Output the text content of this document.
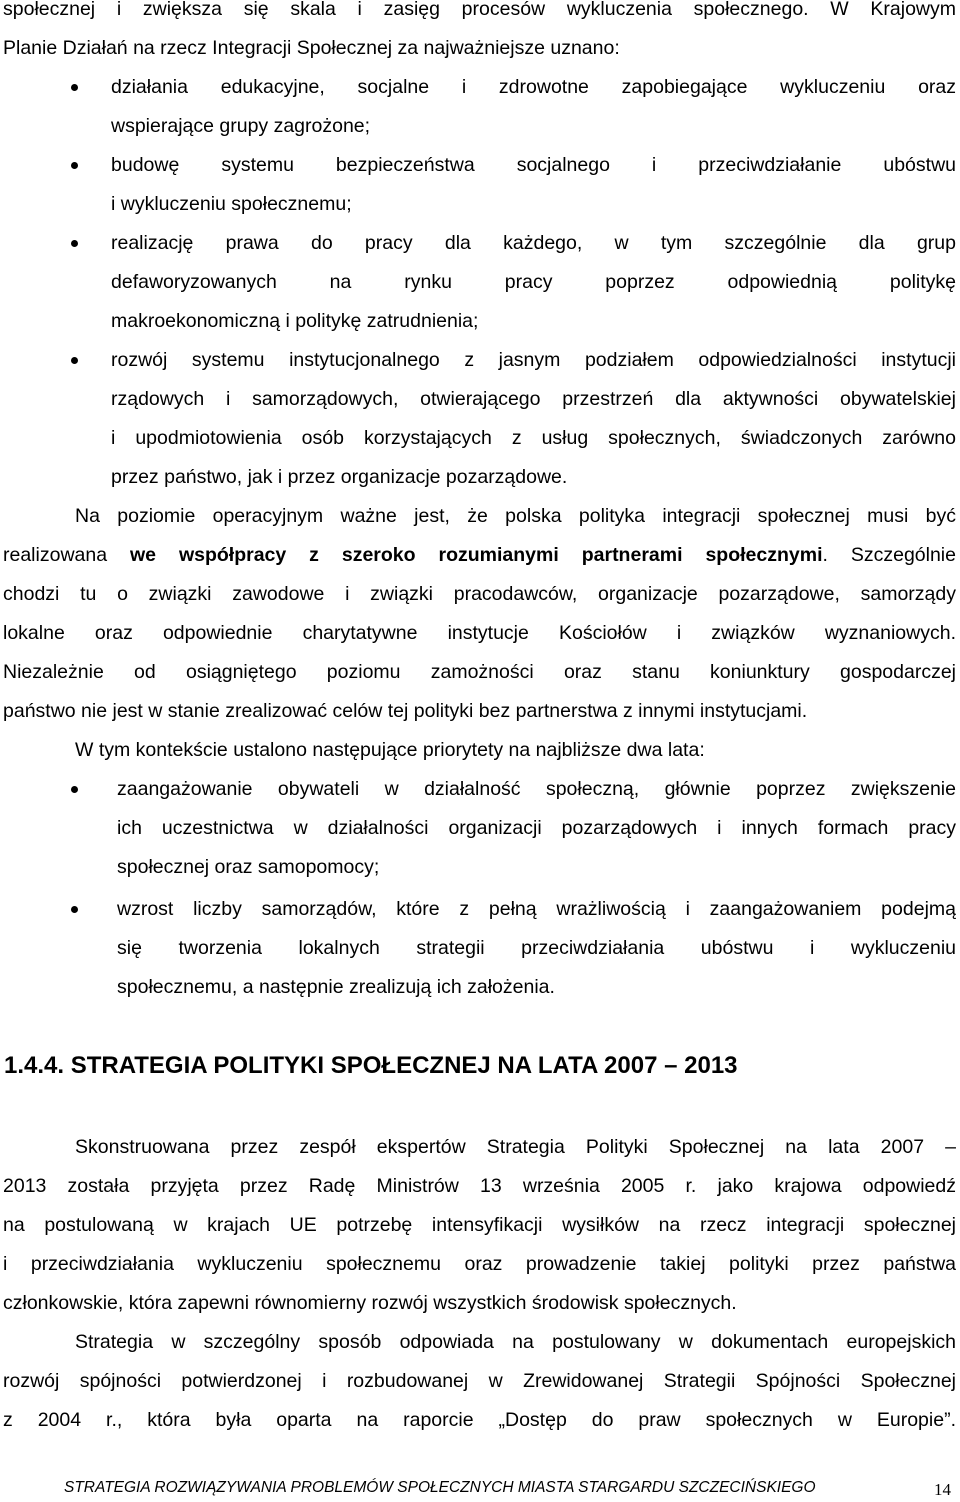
społecznej i zwiększa się skala i zasięg procesów wykluczenia społecznego. W Krajowym
Planie Działań na rzecz Integracji Społecznej za najważniejsze uznano:
działania edukacyjne, socjalne i zdrowotne zapobiegające wykluczeniu oraz
wspierające grupy zagrożone;
budowę systemu bezpieczeństwa socjalnego i przeciwdziałanie ubóstwu
i wykluczeniu społecznemu;
realizację prawa do pracy dla każdego, w tym szczególnie dla grup
defaworyzowanych na rynku pracy poprzez odpowiednią politykę
makroekonomiczną i politykę zatrudnienia;
rozwój systemu instytucjonalnego z jasnym podziałem odpowiedzialności instytucji
rządowych i samorządowych, otwierającego przestrzeń dla aktywności obywatelskiej
i upodmiotowienia osób korzystających z usług społecznych, świadczonych zarówno
przez państwo, jak i przez organizacje pozarządowe.
Na poziomie operacyjnym ważne jest, że polska polityka integracji społecznej musi być
realizowana we współpracy z szeroko rozumianymi partnerami społecznymi. Szczególnie
chodzi tu o związki zawodowe i związki pracodawców, organizacje pozarządowe, samorządy
lokalne oraz odpowiednie charytatywne instytucje Kościołów i związków wyznaniowych.
Niezależnie od osiągniętego poziomu zamożności oraz stanu koniunktury gospodarczej
państwo nie jest w stanie zrealizować celów tej polityki bez partnerstwa z innymi instytucjami.
W tym kontekście ustalono następujące priorytety na najbliższe dwa lata:
zaangażowanie obywateli w działalność społeczną, głównie poprzez zwiększenie
ich uczestnictwa w działalności organizacji pozarządowych i innych formach pracy
społecznej oraz samopomocy;
wzrost liczby samorządów, które z pełną wrażliwością i zaangażowaniem podejmą
się tworzenia lokalnych strategii przeciwdziałania ubóstwu i wykluczeniu
społecznemu, a następnie zrealizują ich założenia.
1.4.4. STRATEGIA POLITYKI SPOŁECZNEJ NA LATA 2007 – 2013
Skonstruowana przez zespół ekspertów Strategia Polityki Społecznej na lata 2007 –
2013 została przyjęta przez Radę Ministrów 13 września 2005 r. jako krajowa odpowiedź
na postulowaną w krajach UE potrzebę intensyfikacji wysiłków na rzecz integracji społecznej
i przeciwdziałania wykluczeniu społecznemu oraz prowadzenie takiej polityki przez państwa
członkowskie, która zapewni równomierny rozwój wszystkich środowisk społecznych.
Strategia w szczególny sposób odpowiada na postulowany w dokumentach europejskich
rozwój spójności potwierdzonej i rozbudowanej w Zrewidowanej Strategii Spójności Społecznej
z 2004 r., która była oparta na raporcie „Dostęp do praw społecznych w Europie”.
STRATEGIA ROZWIĄZYWANIA PROBLEMÓW SPOŁECZNYCH MIASTA STARGARDU SZCZECIŃSKIEGO	14
